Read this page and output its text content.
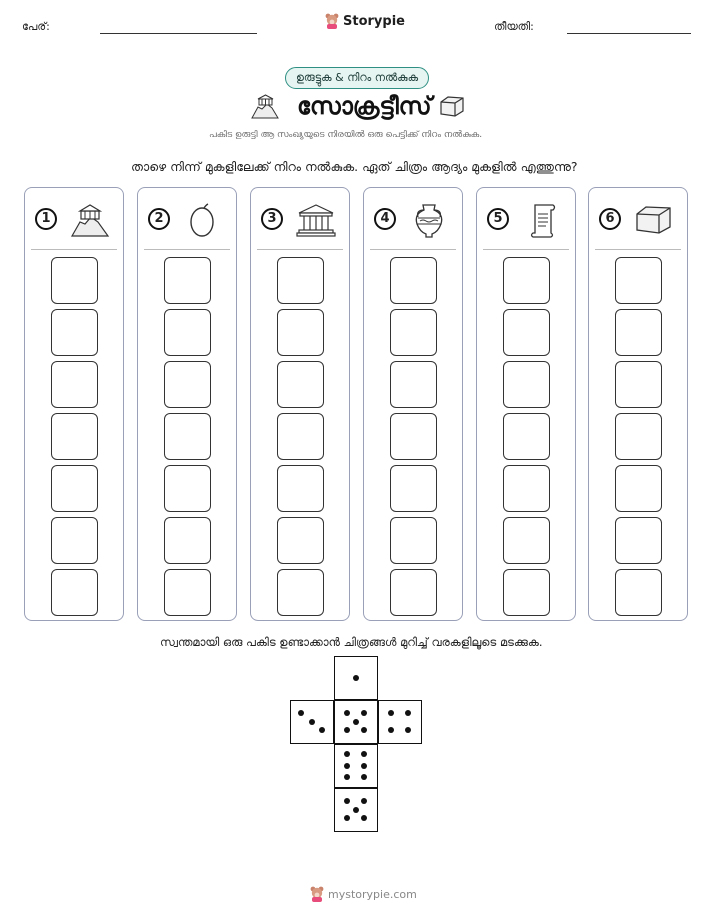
പേര്:	Storypie	തീയതി:
ഉരുട്ടുക & നിറം നൽകുക
സോക്രട്ടീസ്
പകിട ഉരുട്ടി ആ സംഖ്യയുടെ നിരയിൽ ഒരു പെട്ടിക്ക് നിറം നൽകുക.
താഴെ നിന്ന് മുകളിലേക്ക് നിറം നൽകുക. ഏത് ചിത്രം ആദ്യം മുകളിൽ എത്തുന്നു?
1	2	3	4	5	6
സ്വന്തമായി ഒരു പകിട ഉണ്ടാക്കാൻ ചിത്രങ്ങൾ മുറിച്ച് വരകളിലൂടെ മടക്കുക.
mystorypie.com
